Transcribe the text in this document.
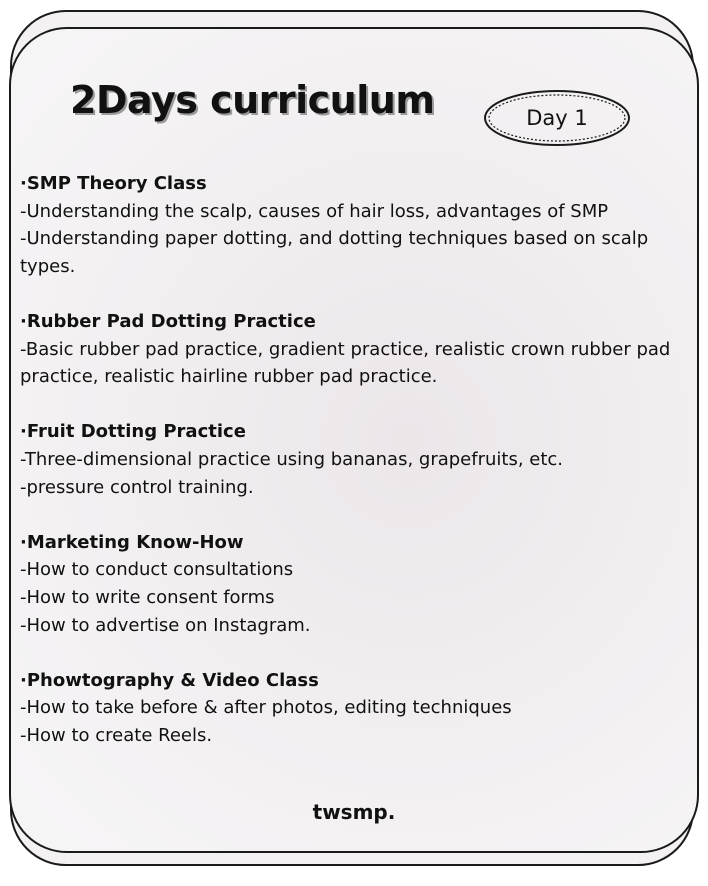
2Days curriculum	Day 1
·SMP Theory Class
-Understanding the scalp, causes of hair loss, advantages of SMP
-Understanding paper dotting, and dotting techniques based on scalp types.
·Rubber Pad Dotting Practice
-Basic rubber pad practice, gradient practice, realistic crown rubber pad practice, realistic hairline rubber pad practice.
·Fruit Dotting Practice
-Three-dimensional practice using bananas, grapefruits, etc.
-pressure control training.
·Marketing Know-How
-How to conduct consultations
-How to write consent forms
-How to advertise on Instagram.
·Phowtography & Video Class
-How to take before & after photos, editing techniques
-How to create Reels.
twsmp.
